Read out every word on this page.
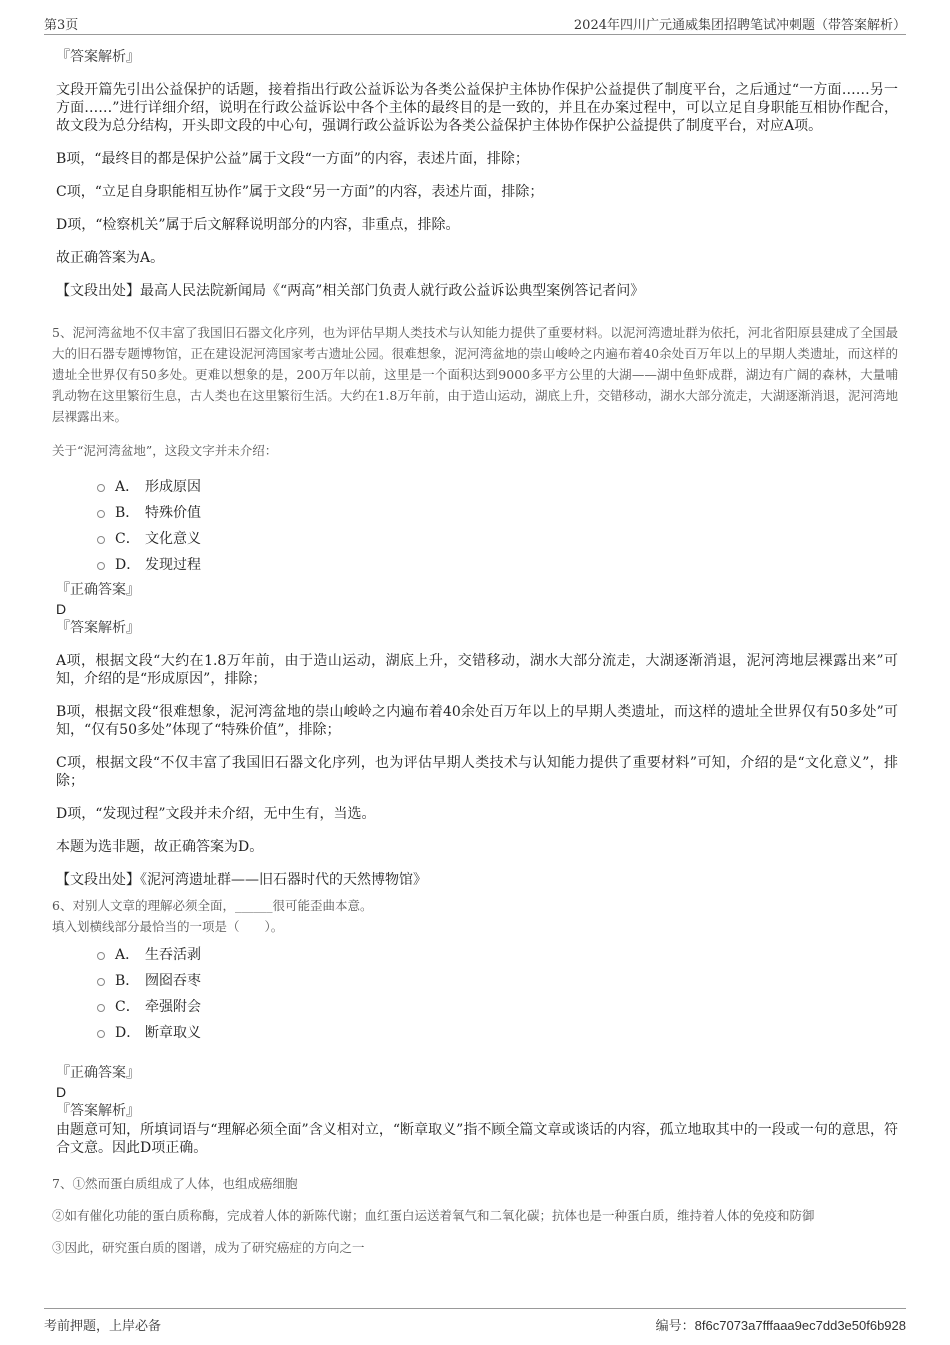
第3页	2024年四川广元通威集团招聘笔试冲刺题（带答案解析）

『答案解析』

文段开篇先引出公益保护的话题，接着指出行政公益诉讼为各类公益保护主体协作保护公益提供了制度平台，之后通过“一方面……另一方面……”进行详细介绍，说明在行政公益诉讼中各个主体的最终目的是一致的，并且在办案过程中，可以立足自身职能互相协作配合，故文段为总分结构，开头即文段的中心句，强调行政公益诉讼为各类公益保护主体协作保护公益提供了制度平台，对应A项。

B项，“最终目的都是保护公益”属于文段“一方面”的内容，表述片面，排除；

C项，“立足自身职能相互协作”属于文段“另一方面”的内容，表述片面，排除；

D项，“检察机关”属于后文解释说明部分的内容，非重点，排除。

故正确答案为A。

【文段出处】最高人民法院新闻局《“两高”相关部门负责人就行政公益诉讼典型案例答记者问》

5、泥河湾盆地不仅丰富了我国旧石器文化序列，也为评估早期人类技术与认知能力提供了重要材料。以泥河湾遗址群为依托，河北省阳原县建成了全国最大的旧石器专题博物馆，正在建设泥河湾国家考古遗址公园。很难想象，泥河湾盆地的崇山峻岭之内遍布着40余处百万年以上的早期人类遗址，而这样的遗址全世界仅有50多处。更难以想象的是，200万年以前，这里是一个面积达到9000多平方公里的大湖——湖中鱼虾成群，湖边有广阔的森林，大量哺乳动物在这里繁衍生息，古人类也在这里繁衍生活。大约在1.8万年前，由于造山运动，湖底上升，交错移动，湖水大部分流走，大湖逐渐消退，泥河湾地层裸露出来。

关于“泥河湾盆地”，这段文字并未介绍：

A． 形成原因
B． 特殊价值
C． 文化意义
D． 发现过程

『正确答案』

D

『答案解析』

A项，根据文段“大约在1.8万年前，由于造山运动，湖底上升，交错移动，湖水大部分流走，大湖逐渐消退，泥河湾地层裸露出来”可知，介绍的是“形成原因”，排除；

B项，根据文段“很难想象，泥河湾盆地的崇山峻岭之内遍布着40余处百万年以上的早期人类遗址，而这样的遗址全世界仅有50多处”可知，“仅有50多处”体现了“特殊价值”，排除；

C项，根据文段“不仅丰富了我国旧石器文化序列，也为评估早期人类技术与认知能力提供了重要材料”可知，介绍的是“文化意义”，排除；

D项，“发现过程”文段并未介绍，无中生有，当选。

本题为选非题，故正确答案为D。

【文段出处】《泥河湾遗址群——旧石器时代的天然博物馆》

6、对别人文章的理解必须全面，______很可能歪曲本意。

填入划横线部分最恰当的一项是（　　）。

A． 生吞活剥
B． 囫囵吞枣
C． 牵强附会
D． 断章取义

『正确答案』

D

『答案解析』

由题意可知，所填词语与“理解必须全面”含义相对立，“断章取义”指不顾全篇文章或谈话的内容，孤立地取其中的一段或一句的意思，符合文意。因此D项正确。

7、①然而蛋白质组成了人体，也组成癌细胞

②如有催化功能的蛋白质称酶，完成着人体的新陈代谢；血红蛋白运送着氧气和二氧化碳；抗体也是一种蛋白质，维持着人体的免疫和防御

③因此，研究蛋白质的图谱，成为了研究癌症的方向之一

考前押题，上岸必备	编号：8f6c7073a7fffaaa9ec7dd3e50f6b928
